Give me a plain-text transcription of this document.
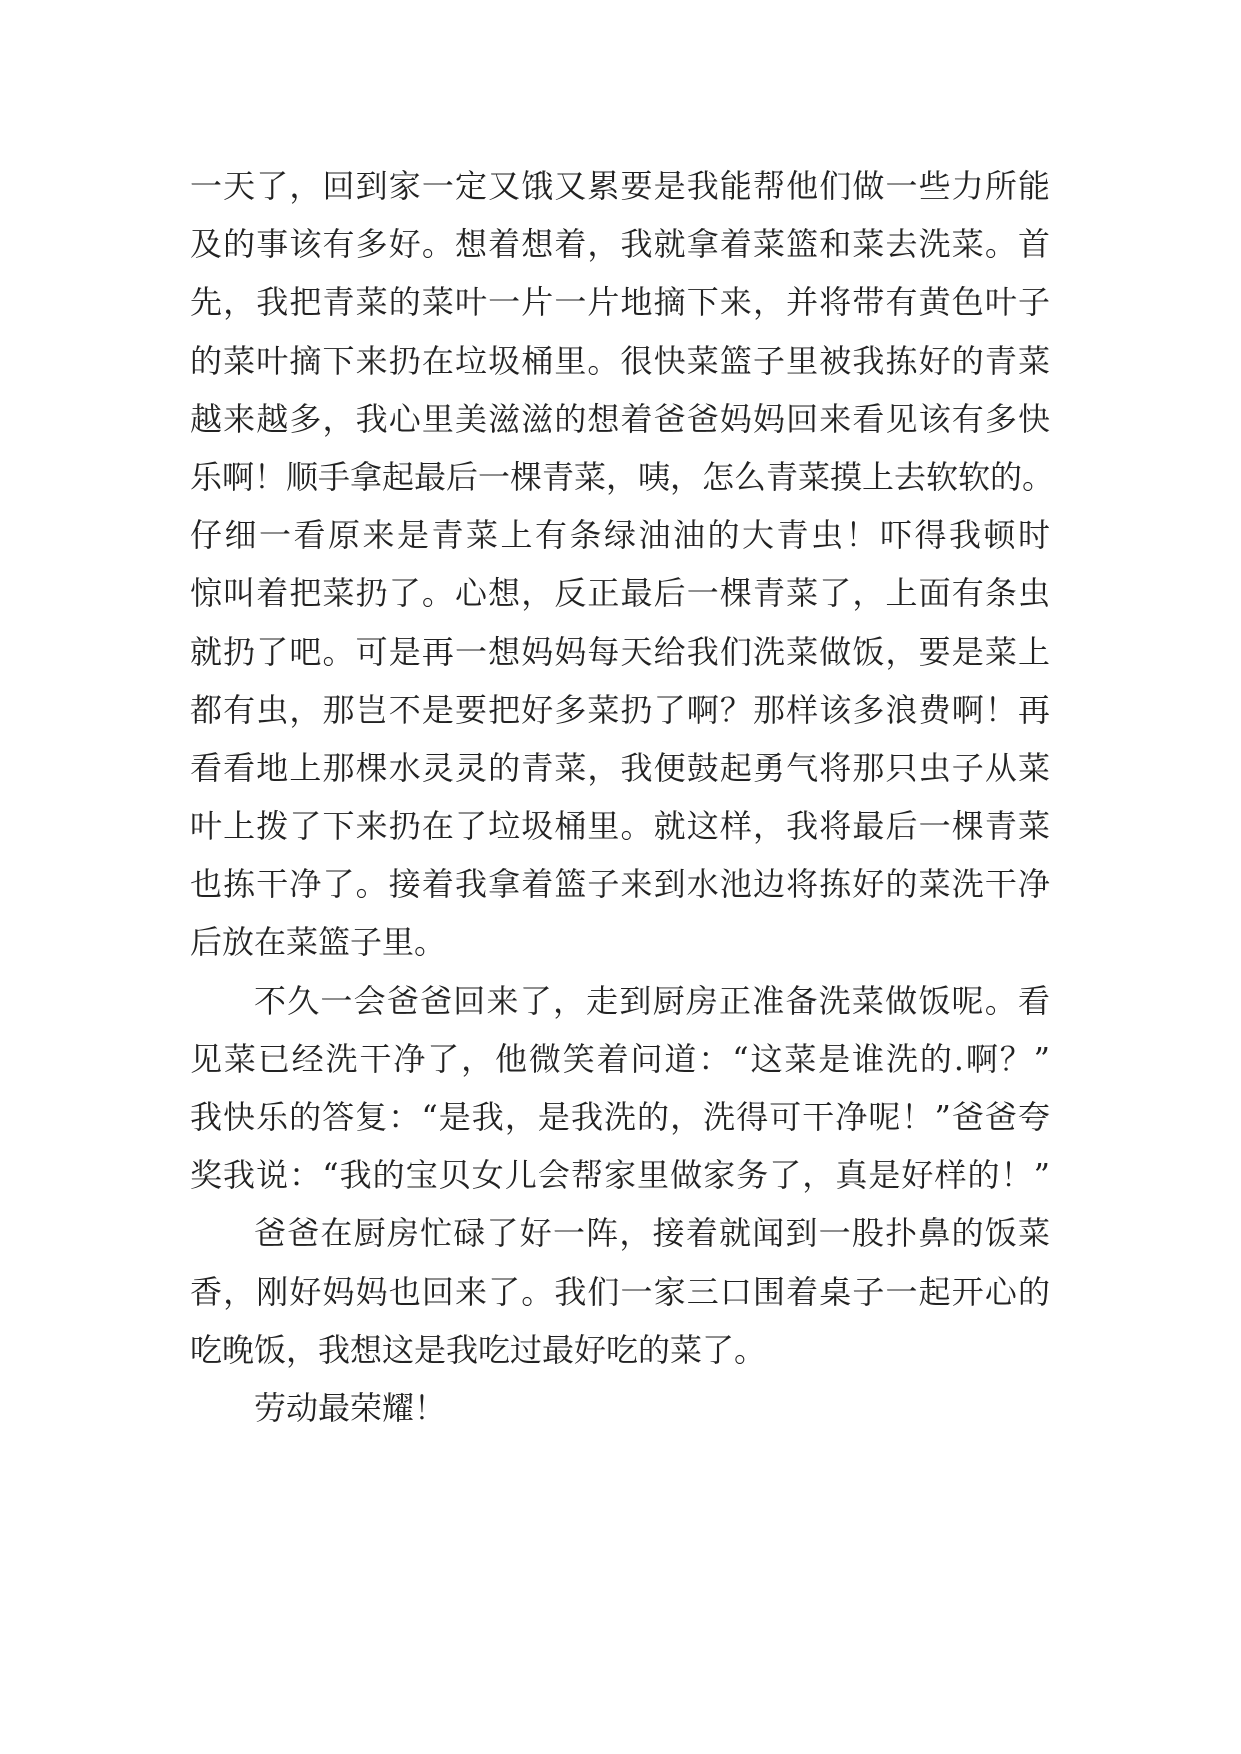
一天了，回到家一定又饿又累要是我能帮他们做一些力所能
及的事该有多好。想着想着，我就拿着菜篮和菜去洗菜。首
先，我把青菜的菜叶一片一片地摘下来，并将带有黄色叶子
的菜叶摘下来扔在垃圾桶里。很快菜篮子里被我拣好的青菜
越来越多，我心里美滋滋的想着爸爸妈妈回来看见该有多快
乐啊！顺手拿起最后一棵青菜，咦，怎么青菜摸上去软软的。
仔细一看原来是青菜上有条绿油油的大青虫！吓得我顿时
惊叫着把菜扔了。心想，反正最后一棵青菜了，上面有条虫
就扔了吧。可是再一想妈妈每天给我们洗菜做饭，要是菜上
都有虫，那岂不是要把好多菜扔了啊？那样该多浪费啊！再
看看地上那棵水灵灵的青菜，我便鼓起勇气将那只虫子从菜
叶上拨了下来扔在了垃圾桶里。就这样，我将最后一棵青菜
也拣干净了。接着我拿着篮子来到水池边将拣好的菜洗干净
后放在菜篮子里。
不久一会爸爸回来了，走到厨房正准备洗菜做饭呢。看
见菜已经洗干净了，他微笑着问道：“这菜是谁洗的.啊？”
我快乐的答复：“是我，是我洗的，洗得可干净呢！”爸爸夸
奖我说：“我的宝贝女儿会帮家里做家务了，真是好样的！”
爸爸在厨房忙碌了好一阵，接着就闻到一股扑鼻的饭菜
香，刚好妈妈也回来了。我们一家三口围着桌子一起开心的
吃晚饭，我想这是我吃过最好吃的菜了。
劳动最荣耀！
